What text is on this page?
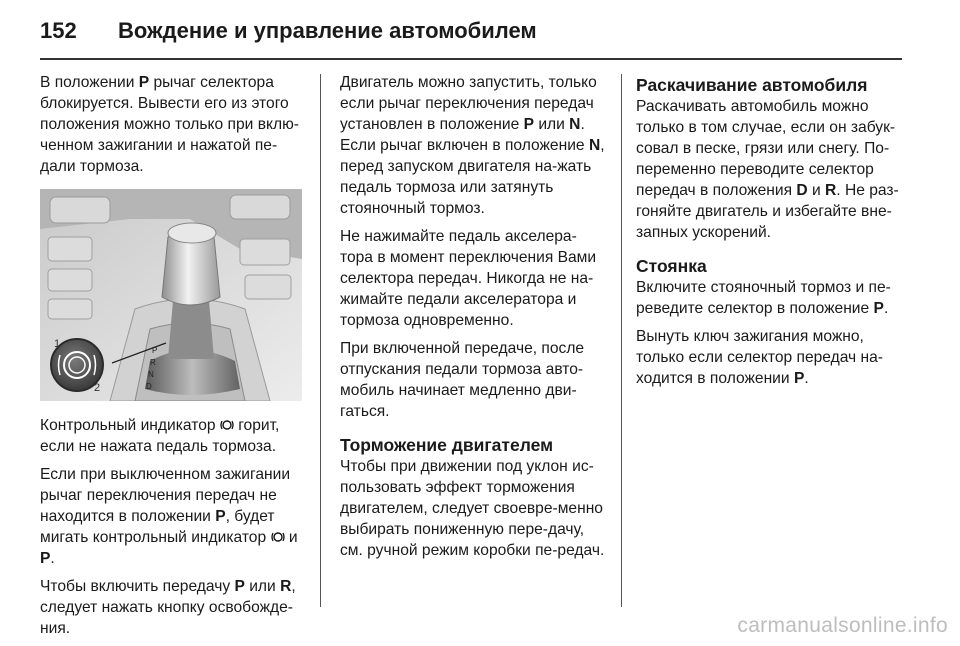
152 Вождение и управление автомобилем

В положении P рычаг селектора блокируется. Вывести его из этого положения можно только при вклю-ченном зажигании и нажатой пе-дали тормоза.

1
2
P
R
N
D

Контрольный индикатор  горит, если не нажата педаль тормоза.

Если при выключенном зажигании рычаг переключения передач не находится в положении P, будет мигать контрольный индикатор  и P.

Чтобы включить передачу P или R, следует нажать кнопку освобожде-ния.

Двигатель можно запустить, только если рычаг переключения передач установлен в положение P или N. Если рычаг включен в положение N, перед запуском двигателя на-жать педаль тормоза или затянуть стояночный тормоз.

Не нажимайте педаль акселера-тора в момент переключения Вами селектора передач. Никогда не на-жимайте педали акселератора и тормоза одновременно.

При включенной передаче, после отпускания педали тормоза авто-мобиль начинает медленно дви-гаться.

Торможение двигателем

Чтобы при движении под уклон ис-пользовать эффект торможения двигателем, следует своевре-менно выбирать пониженную пере-дачу, см. ручной режим коробки пе-редач.

Раскачивание автомобиля

Раскачивать автомобиль можно только в том случае, если он забук-совал в песке, грязи или снегу. По-переменно переводите селектор передач в положения D и R. Не раз-гоняйте двигатель и избегайте вне-запных ускорений.

Стоянка

Включите стояночный тормоз и пе-реведите селектор в положение P.

Вынуть ключ зажигания можно, только если селектор передач на-ходится в положении P.

carmanualsonline.info
